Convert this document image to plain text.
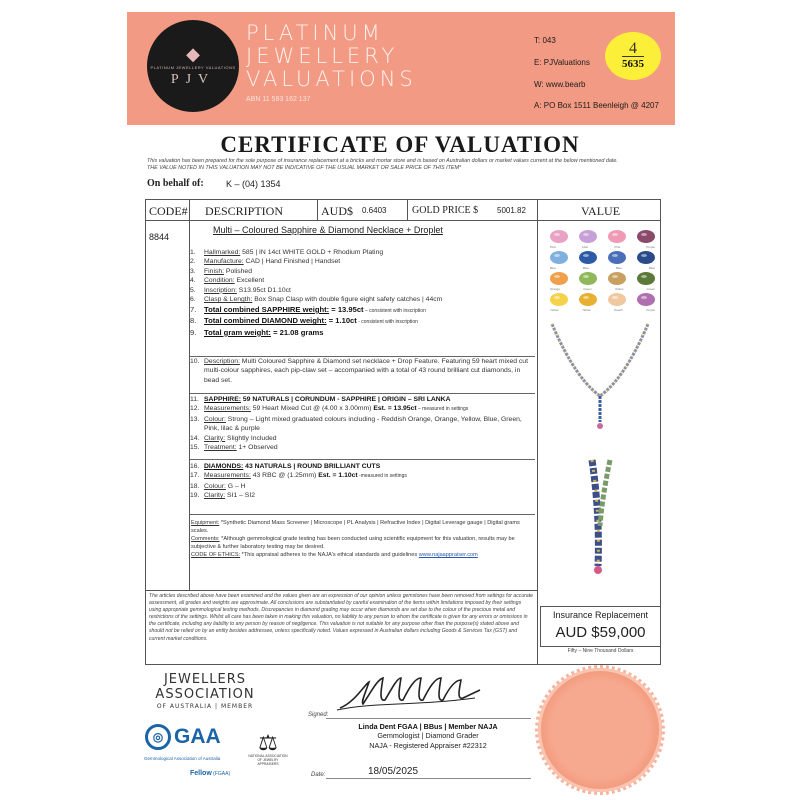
◆
PLATINUM JEWELLERY VALUATIONS
PJV
PLATINUM
JEWELLERY
VALUATIONS
ABN 11 583 162 137
T: 043
E: PJValuations
W: www.bearb
A: PO Box 1511 Beenleigh @ 4207
4
5635
CERTIFICATE OF VALUATION
This valuation has been prepared for the sole purpose of insurance replacement at a bricks and mortar store and is based on Australian dollars or market values current at the below mentioned date.
THE VALUE NOTED IN THIS VALUATION MAY NOT BE INDICATIVE OF THE USUAL MARKET OR SALE PRICE OF THIS ITEM*
On behalf of: K – (04) 1354
CODE# DESCRIPTION	AUD$ 0.6403	GOLD PRICE $ 5001.82	VALUE
8844
Multi – Coloured Sapphire & Diamond Necklace + Droplet
1.	Hallmarked: 585 | IN 14ct WHITE GOLD + Rhodium Plating
2.	Manufacture: CAD | Hand Finished | Handset
3.	Finish: Polished
4.	Condition: Excellent
5.	Inscription: S13.95ct D1.10ct
6.	Clasp & Length: Box Snap Clasp with double figure eight safety catches | 44cm
7.	Total combined SAPPHIRE weight: = 13.95ct – consistent with inscription
8.	Total combined DIAMOND weight: = 1.10ct - consistent with inscription
9.	Total gram weight: = 21.08 grams
10. Description: Multi Coloured Sapphire & Diamond set necklace + Drop Feature. Featuring 59 heart mixed cut multi-colour sapphires, each pip-claw set – accompanied with a total of 43 round brilliant cut diamonds, in bead set.
11. SAPPHIRE: 59 NATURALS | CORUNDUM - SAPPHIRE | ORIGIN – SRI LANKA
12. Measurements: 59 Heart Mixed Cut @ (4.00 x 3.00mm) Est. = 13.95ct – measured in settings
13. Colour: Strong – Light mixed graduated colours including - Reddish Orange, Orange, Yellow, Blue, Green, Pink, lilac & purple
14. Clarity: Slightly Included
15. Treatment: 1+ Observed
16. DIAMONDS: 43 NATURALS | ROUND BRILLIANT CUTS
17. Measurements: 43 RBC @ (1.25mm) Est. = 1.10ct -measured in settings
18. Colour: G – H
19. Clarity: SI1 – SI2
Equipment: *Synthetic Diamond Mass Screener | Microscope | PL Analysis | Refractive Index | Digital Leverage gauge | Digital grams scales.
Comments: *Although gemmological grade testing has been conducted using scientific equipment for this valuation, results may be subjective & further laboratory testing may be desired.
CODE OF ETHICS: *This appraisal adheres to the NAJA's ethical standards and guidelines www.najaappraiser.com
The articles described above have been examined and the values given are an expression of our opinion unless gemstones have been removed from settings for accurate assessment, all grades and weights are approximate. All conclusions are substantiated by careful examination of the items within limitations imposed by their settings using appropriate gemmological testing methods. Discrepancies in diamond grading may occur when diamonds are set due to the colour of the precious metal and restrictions of the settings. Whilst all care has been taken in making this valuation, no liability to any person to whom the certificate is given for any errors or omissions in the certificate, including any liability to any person by reason of negligence. This valuation is not suitable for any purpose other than the purpose(s) stated above and should not be relied on by an entity besides addressee, unless specifically noted. Values expressed in Australian dollars including Goods & Services Tax (GST) and current market conditions.
Pink	Lilac	Pink	Purple
Blue	Blue	Blue	Blue
Orange	Green	Yellow	Green
Yellow	Yellow	Peach	Purple
Insurance Replacement
AUD $59,000
Fifty – Nine Thousand Dollars
JEWELLERS
ASSOCIATION
OF AUSTRALIA | MEMBER
◎ GAA
Gemmological Association of Australia
Fellow (FGAA)
⚖
NATIONAL ASSOCIATION OF JEWELRY APPRAISERS
Signed:
Linda Dent FGAA | BBus | Member NAJA
Gemmologist | Diamond Grader
NAJA - Registered Appraiser #22312
Date:	18/05/2025
